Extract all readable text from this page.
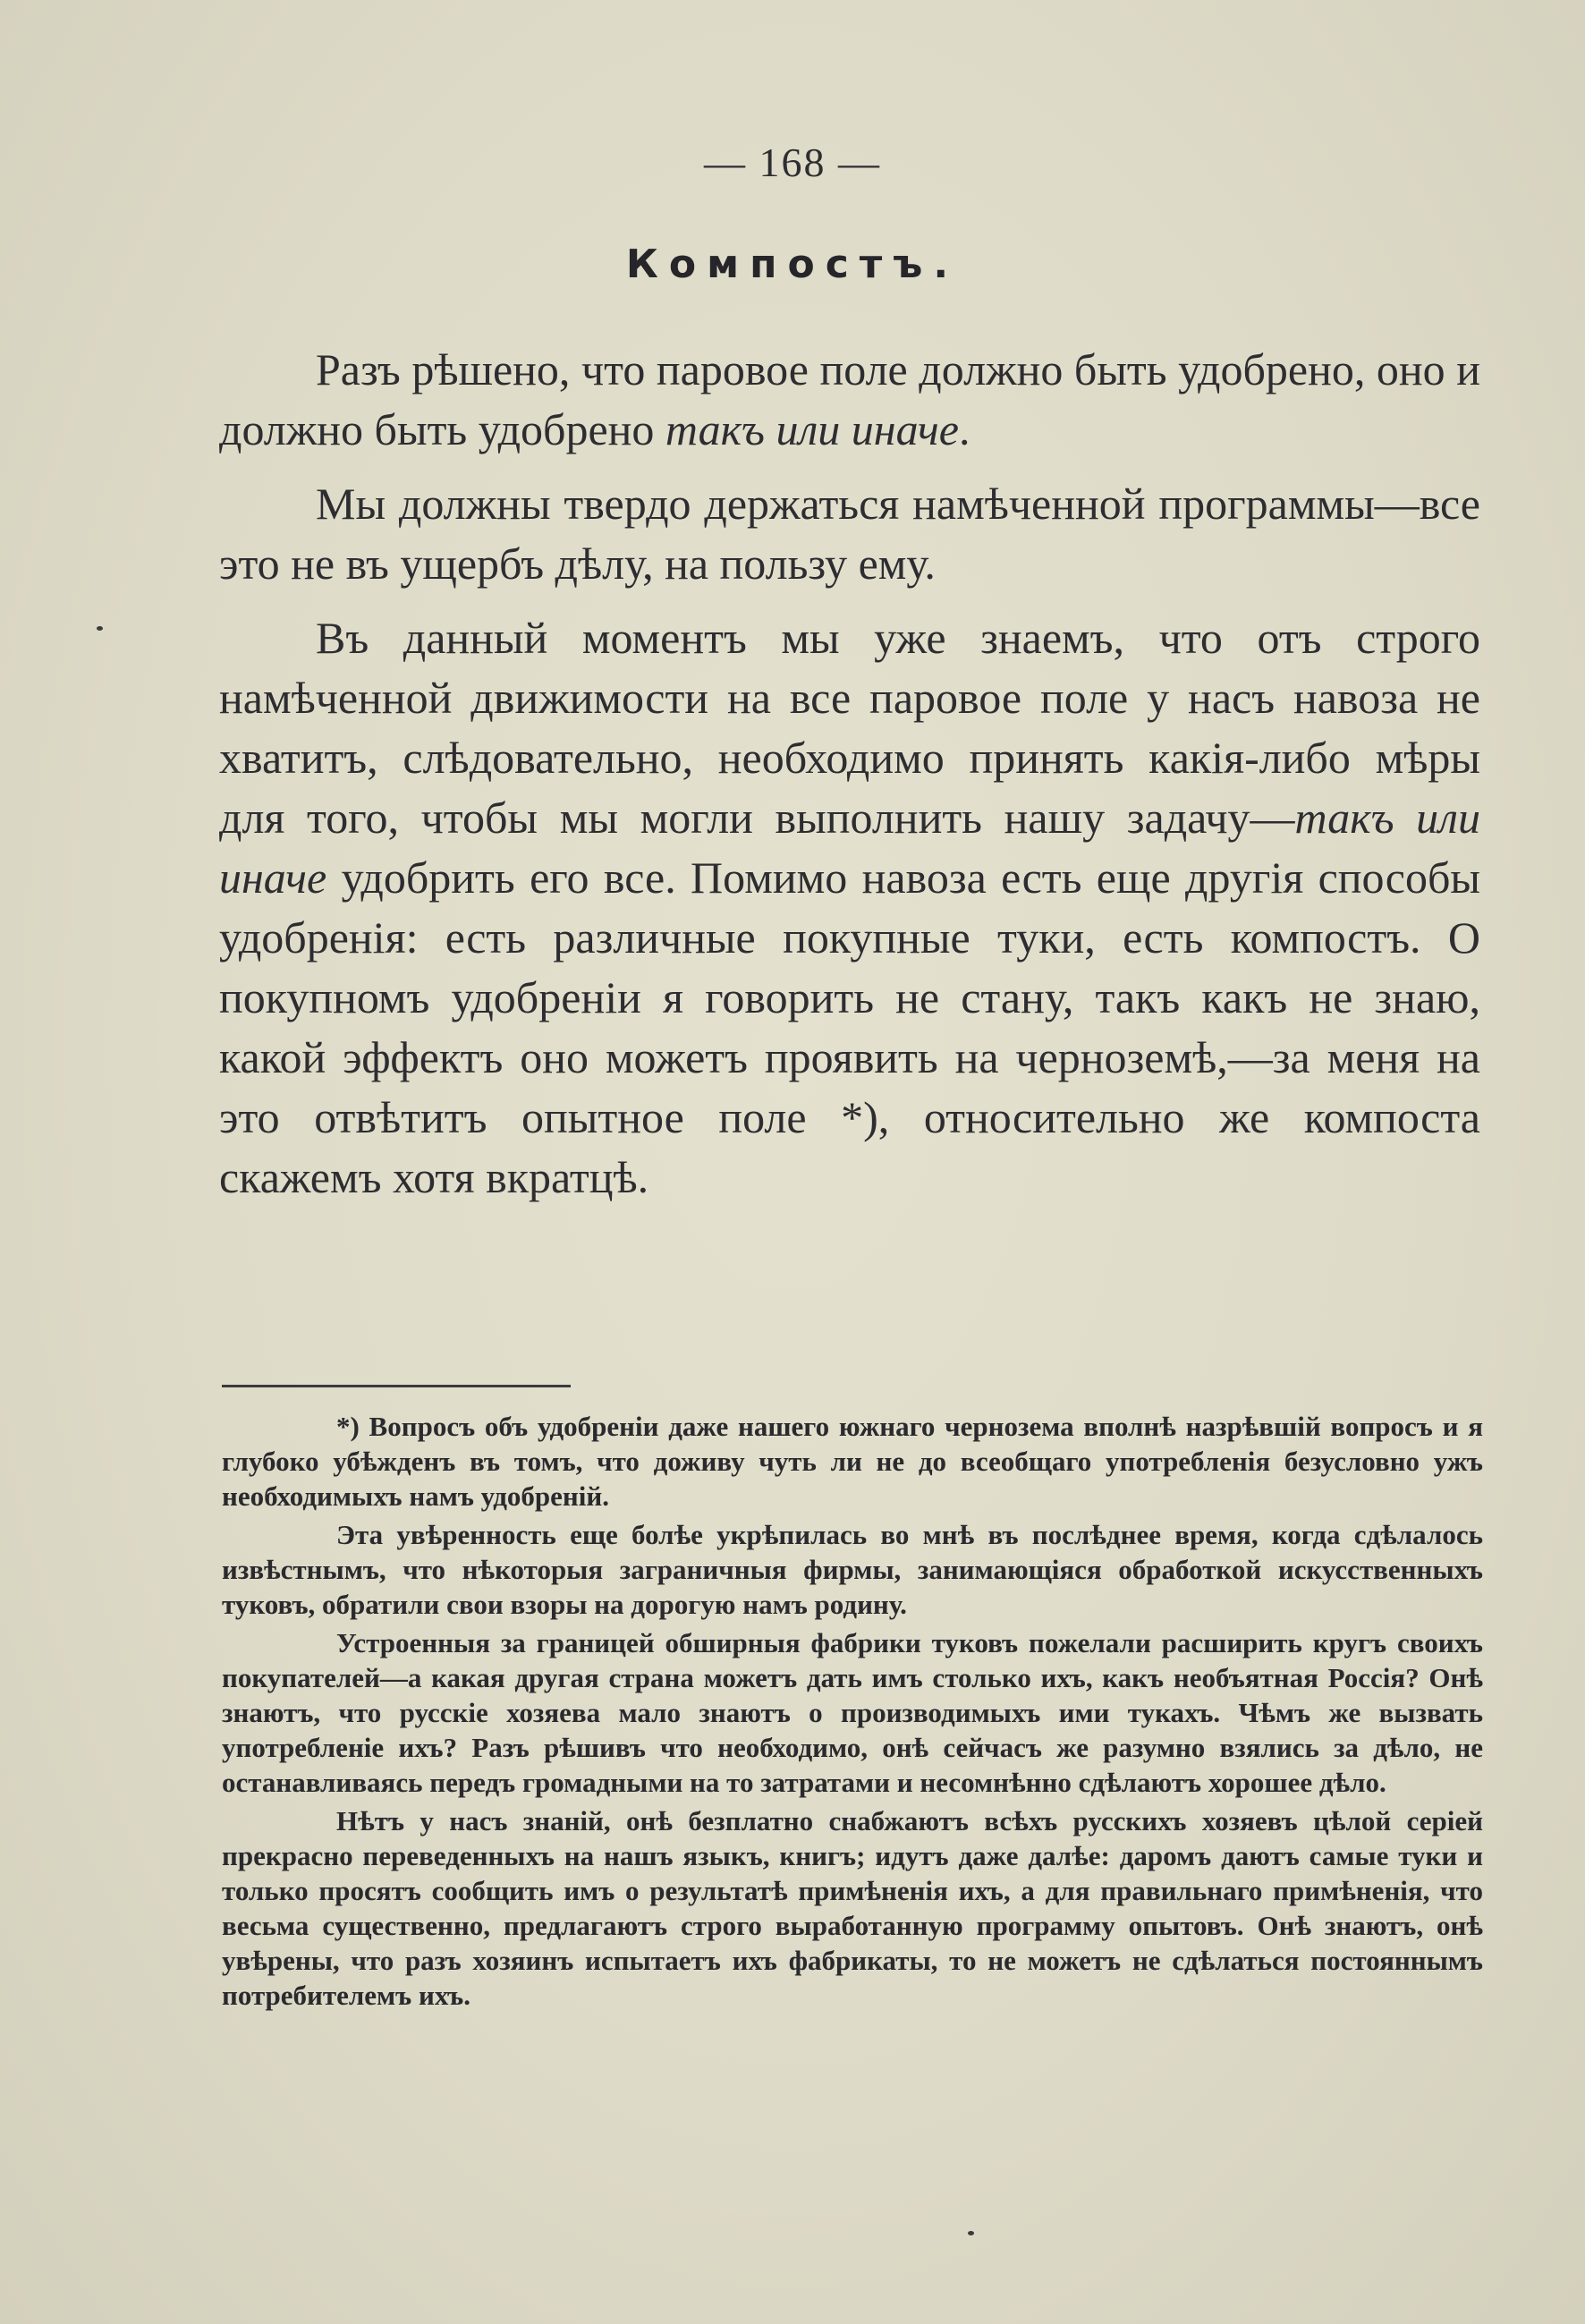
— 168 —
Компостъ.

Разъ рѣшено, что паровое поле должно быть удобрено, оно и должно быть удобрено такъ или иначе.

Мы должны твердо держаться намѣченной программы—все это не въ ущербъ дѣлу, на пользу ему.

Въ данный моментъ мы уже знаемъ, что отъ строго намѣченной движимости на все паровое поле у насъ навоза не хватитъ, слѣдовательно, необходимо принять какія-либо мѣры для того, чтобы мы могли выполнить нашу задачу—такъ или иначе удобрить его все. Помимо навоза есть еще другія способы удобренія: есть различные покупные туки, есть компостъ. О покупномъ удобреніи я говорить не стану, такъ какъ не знаю, какой эффектъ оно можетъ проявить на черноземѣ,—за меня на это отвѣтитъ опытное поле *), относительно же компоста скажемъ хотя вкратцѣ.

*) Вопросъ объ удобреніи даже нашего южнаго чернозема вполнѣ назрѣвшій вопросъ и я глубоко убѣжденъ въ томъ, что доживу чуть ли не до всеобщаго употребленія безусловно ужъ необходимыхъ намъ удобреній.

Эта увѣренность еще болѣе укрѣпилась во мнѣ въ послѣднее время, когда сдѣлалось извѣстнымъ, что нѣкоторыя заграничныя фирмы, занимающіяся обработкой искусственныхъ туковъ, обратили свои взоры на дорогую намъ родину.

Устроенныя за границей обширныя фабрики туковъ пожелали расширить кругъ своихъ покупателей—а какая другая страна можетъ дать имъ столько ихъ, какъ необъятная Россія? Онѣ знаютъ, что русскіе хозяева мало знаютъ о производимыхъ ими тукахъ. Чѣмъ же вызвать употребленіе ихъ? Разъ рѣшивъ что необходимо, онѣ сейчасъ же разумно взялись за дѣло, не останавливаясь передъ громадными на то затратами и несомнѣнно сдѣлаютъ хорошее дѣло.

Нѣтъ у насъ знаній, онѣ безплатно снабжаютъ всѣхъ русскихъ хозяевъ цѣлой серіей прекрасно переведенныхъ на нашъ языкъ, книгъ; идутъ даже далѣе: даромъ даютъ самые туки и только просятъ сообщить имъ о результатѣ примѣненія ихъ, а для правильнаго примѣненія, что весьма существенно, предлагаютъ строго выработанную программу опытовъ. Онѣ знаютъ, онѣ увѣрены, что разъ хозяинъ испытаетъ ихъ фабрикаты, то не можетъ не сдѣлаться постояннымъ потребителемъ ихъ.
